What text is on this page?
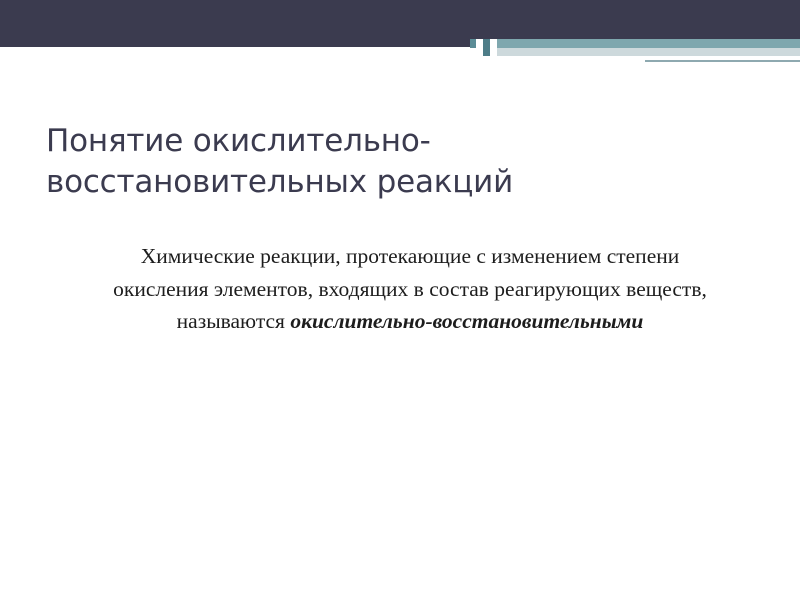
Понятие окислительно-восстановительных реакций
Химические реакции, протекающие с изменением степени окисления элементов, входящих в состав реагирующих веществ, называются окислительно-восстановительными
